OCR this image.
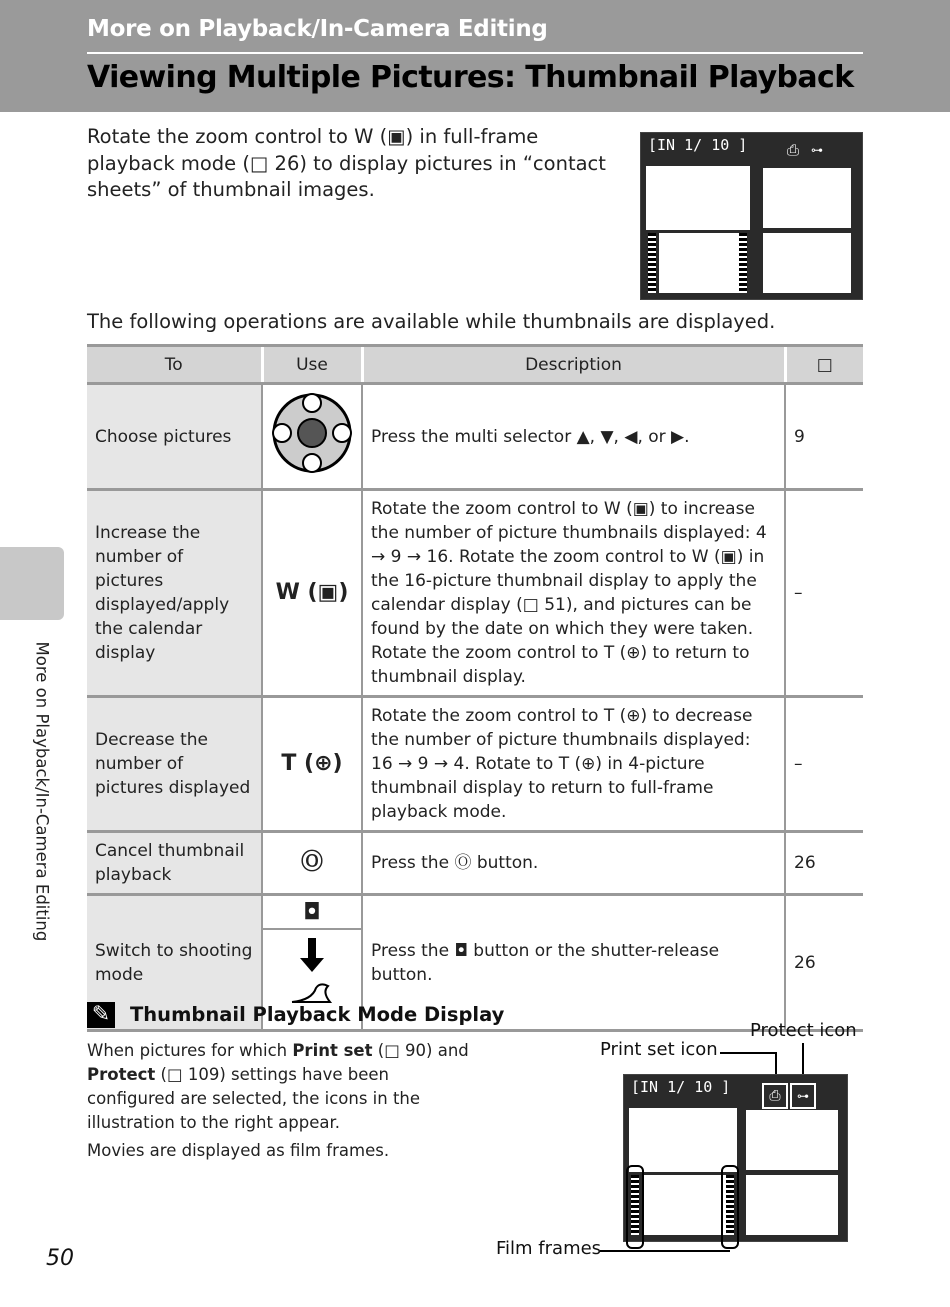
More on Playback/In-Camera Editing
Viewing Multiple Pictures: Thumbnail Playback
Rotate the zoom control to W (▣) in full-frame playback mode (□ 26) to display pictures in “contact sheets” of thumbnail images.
[IN 1/ 10 ]	⎙ ⊶
The following operations are available while thumbnails are displayed.
To	Use	Description	□
Choose pictures		Press the multi selector ▲, ▼, ◀, or ▶.	9
Increase the number of pictures displayed/apply the calendar display	W (▣)	Rotate the zoom control to W (▣) to increase the number of picture thumbnails displayed: 4 → 9 → 16. Rotate the zoom control to W (▣) in the 16-picture thumbnail display to apply the calendar display (□ 51), and pictures can be found by the date on which they were taken. Rotate the zoom control to T (⊕) to return to thumbnail display.	–
Decrease the number of pictures displayed	T (⊕)	Rotate the zoom control to T (⊕) to decrease the number of picture thumbnails displayed: 16 → 9 → 4. Rotate to T (⊕) in 4-picture thumbnail display to return to full-frame playback mode.	–
Cancel thumbnail playback	Ⓞ	Press the Ⓞ button.	26
Switch to shooting mode	◘	Press the ◘ button or the shutter-release button.	26
✎ Thumbnail Playback Mode Display

When pictures for which Print set (□ 90) and Protect (□ 109) settings have been configured are selected, the icons in the illustration to the right appear.

Movies are displayed as film frames.

Protect icon
Print set icon
[IN 1/ 10 ]	⎙	⊶
Film frames
More on Playback/In-Camera Editing
50
